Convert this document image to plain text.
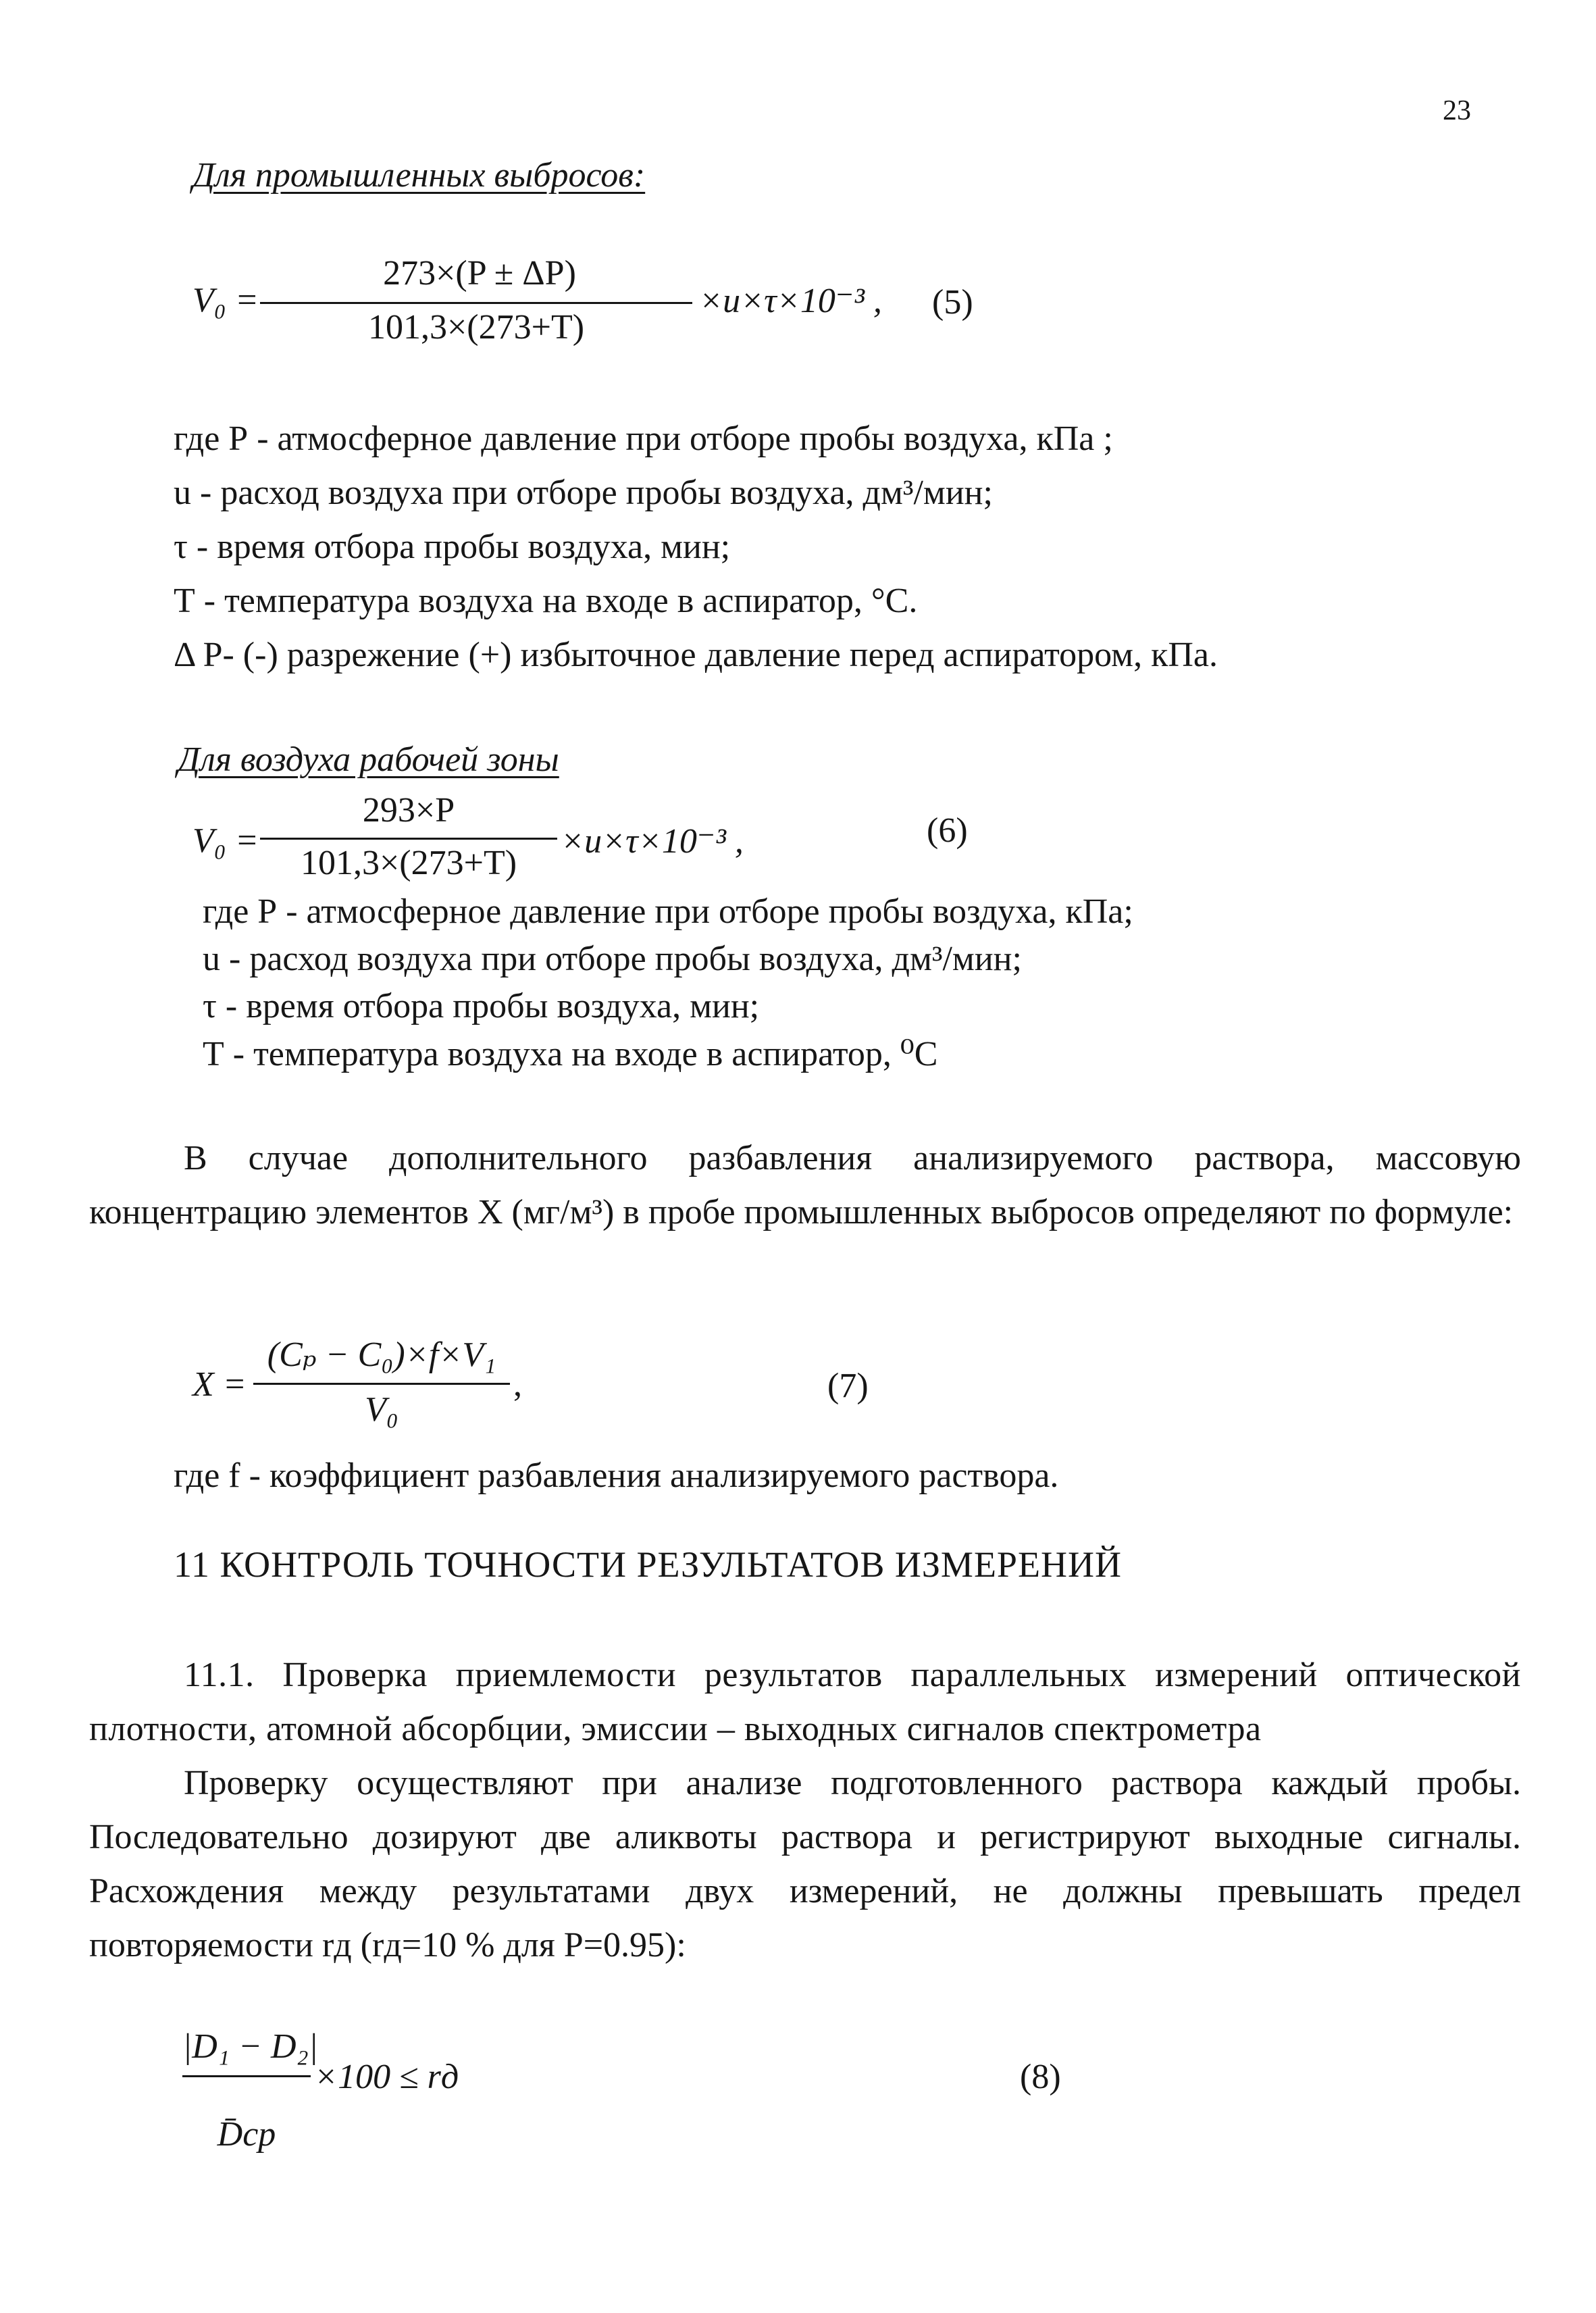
23
Для промышленных выбросов:
V₀ =
273×(P ± ΔP)
101,3×(273+T)
×u×τ×10⁻³ , (5)
где Р - атмосферное давление при отборе пробы воздуха, кПа ;
u - расход воздуха при отборе пробы воздуха, дм³/мин;
τ - время отбора пробы воздуха, мин;
Т - температура воздуха на входе в аспиратор, °С.
Δ Р- (-) разрежение (+) избыточное давление перед аспиратором, кПа.
Для воздуха рабочей зоны
V₀ =
293×P
101,3×(273+T)
×u×τ×10⁻³ ,	(6)
где Р - атмосферное давление при отборе пробы воздуха, кПа;
u - расход воздуха при отборе пробы воздуха, дм³/мин;
τ - время отбора пробы воздуха, мин;
Т - температура воздуха на входе в аспиратор, ⁰С
В случае дополнительного разбавления анализируемого раствора, массовую концентрацию элементов Х (мг/м³) в пробе промышленных выбросов определяют по формуле:
X =
(Cₚ − C₀)×f×V₁
V₀
,	(7)
где f - коэффициент разбавления анализируемого раствора.
11 КОНТРОЛЬ ТОЧНОСТИ РЕЗУЛЬТАТОВ ИЗМЕРЕНИЙ
11.1. Проверка приемлемости результатов параллельных измерений оптической плотности, атомной абсорбции, эмиссии – выходных сигналов спектрометра
Проверку осуществляют при анализе подготовленного раствора каждый пробы. Последовательно дозируют две аликвоты раствора и регистрируют выходные сигналы. Расхождения между результатами двух измерений, не должны превышать предел повторяемости rд (rд=10 % для Р=0.95):
|D₁ − D₂|
D̄ср
×100 ≤ rд	(8)
